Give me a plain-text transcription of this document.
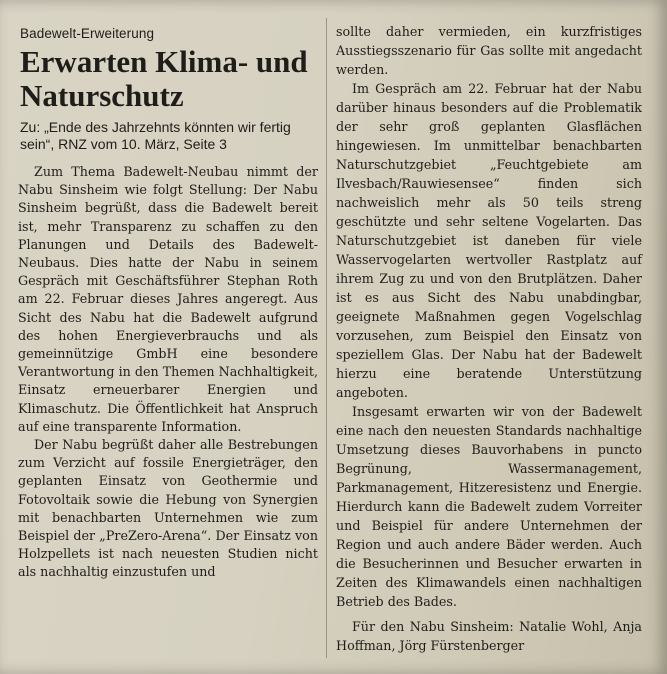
Badewelt-Erweiterung
Erwarten Klima- und Naturschutz
Zu: „Ende des Jahrzehnts könnten wir fertig sein“, RNZ vom 10. März, Seite 3

Zum Thema Badewelt-Neubau nimmt der Nabu Sinsheim wie folgt Stellung: Der Nabu Sinsheim begrüßt, dass die Badewelt bereit ist, mehr Transparenz zu schaffen zu den Planungen und Details des Badewelt-Neubaus. Dies hatte der Nabu in seinem Gespräch mit Geschäftsführer Stephan Roth am 22. Februar dieses Jahres angeregt. Aus Sicht des Nabu hat die Badewelt aufgrund des hohen Energieverbrauchs und als gemeinnützige GmbH eine besondere Verantwortung in den Themen Nachhaltigkeit, Einsatz erneuerbarer Energien und Klimaschutz. Die Öffentlichkeit hat Anspruch auf eine transparente Information.

Der Nabu begrüßt daher alle Bestrebungen zum Verzicht auf fossile Energieträger, den geplanten Einsatz von Geothermie und Fotovoltaik sowie die Hebung von Synergien mit benachbarten Unternehmen wie zum Beispiel der „PreZero-Arena“. Der Einsatz von Holzpellets ist nach neuesten Studien nicht als nachhaltig einzustufen und

sollte daher vermieden, ein kurzfristiges Ausstiegsszenario für Gas sollte mit angedacht werden.

Im Gespräch am 22. Februar hat der Nabu darüber hinaus besonders auf die Problematik der sehr groß geplanten Glasflächen hingewiesen. Im unmittelbar benachbarten Naturschutzgebiet „Feuchtgebiete am Ilvesbach/Rauwiesensee“ finden sich nachweislich mehr als 50 teils streng geschützte und sehr seltene Vogelarten. Das Naturschutzgebiet ist daneben für viele Wasservogelarten wertvoller Rastplatz auf ihrem Zug zu und von den Brutplätzen. Daher ist es aus Sicht des Nabu unabdingbar, geeignete Maßnahmen gegen Vogelschlag vorzusehen, zum Beispiel den Einsatz von speziellem Glas. Der Nabu hat der Badewelt hierzu eine beratende Unterstützung angeboten.

Insgesamt erwarten wir von der Badewelt eine nach den neuesten Standards nachhaltige Umsetzung dieses Bauvorhabens in puncto Begrünung, Wassermanagement, Parkmanagement, Hitzeresistenz und Energie. Hierdurch kann die Badewelt zudem Vorreiter und Beispiel für andere Unternehmen der Region und auch andere Bäder werden. Auch die Besucherinnen und Besucher erwarten in Zeiten des Klimawandels einen nachhaltigen Betrieb des Bades.

Für den Nabu Sinsheim: Natalie Wohl, Anja Hoffman, Jörg Fürstenberger
